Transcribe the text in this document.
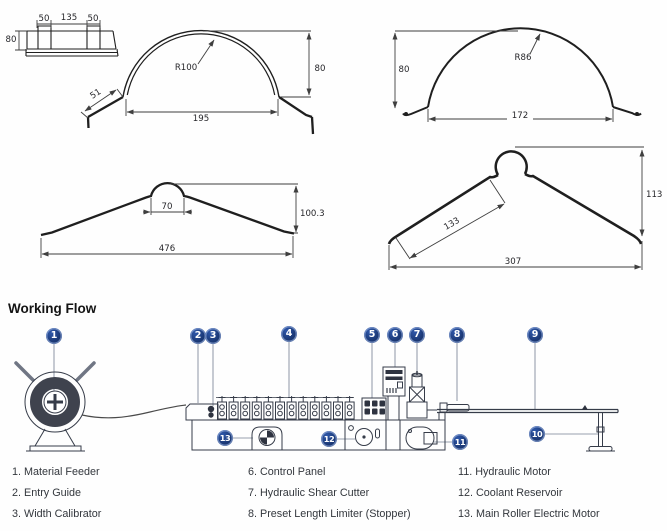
50 135 50
80
80
195
R100
51
80
172
R86
70
100.3
476
133
113
307
Working Flow
1	2 3	4	5	6	7	8	9
10
11
12
13
1. Material Feeder
2. Entry Guide
3. Width Calibrator
6. Control Panel
7. Hydraulic Shear Cutter
8. Preset Length Limiter (Stopper)
11. Hydraulic Motor
12. Coolant Reservoir
13. Main Roller Electric Motor
